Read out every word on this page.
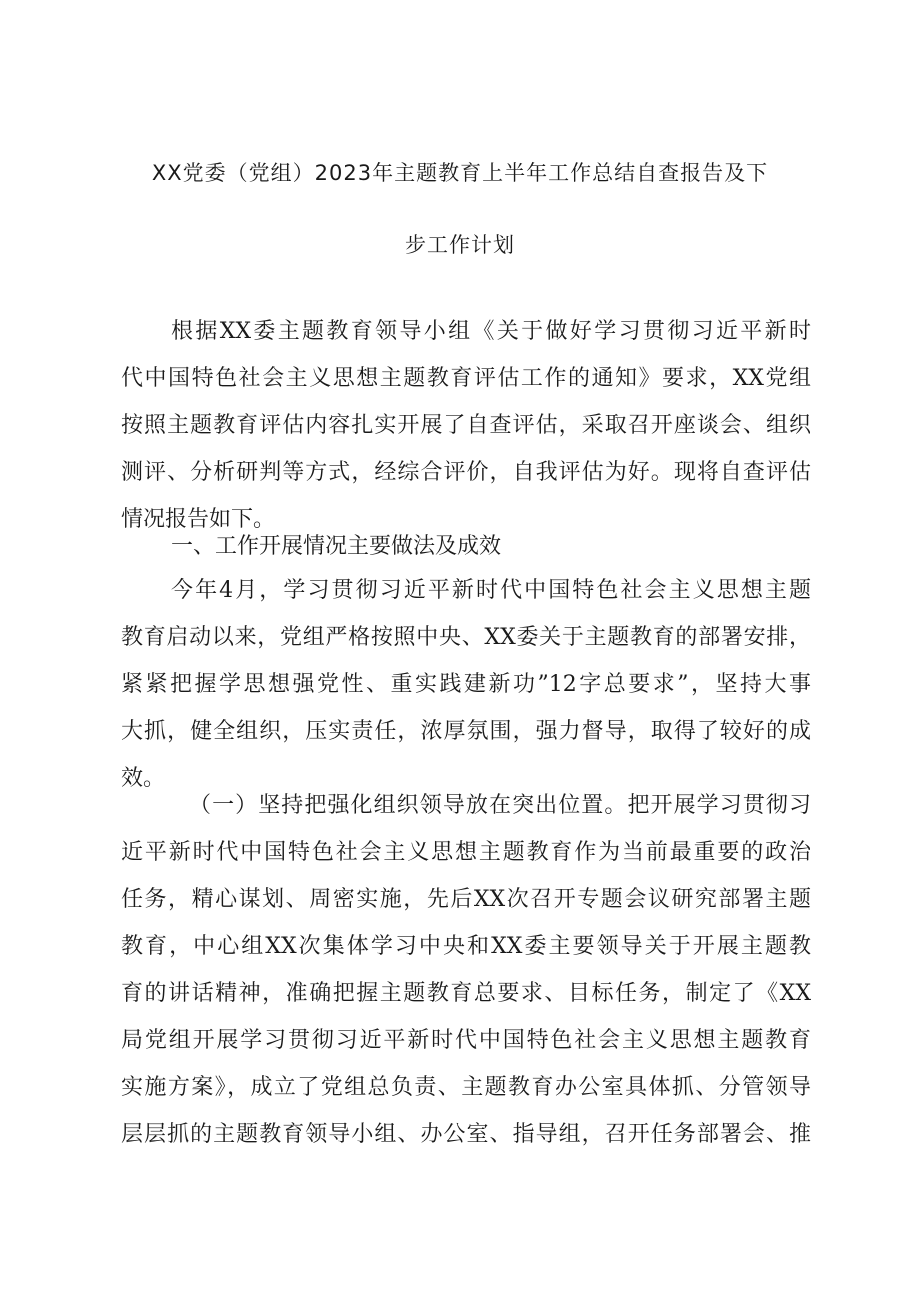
XX党委（党组）2023年主题教育上半年工作总结自查报告及下
步工作计划
根据XX委主题教育领导小组《关于做好学习贯彻习近平新时
代中国特色社会主义思想主题教育评估工作的通知》要求，XX党组
按照主题教育评估内容扎实开展了自查评估，采取召开座谈会、组织
测评、分析研判等方式，经综合评价，自我评估为好。现将自查评估
情况报告如下。
一、工作开展情况主要做法及成效
今年4月，学习贯彻习近平新时代中国特色社会主义思想主题
教育启动以来，党组严格按照中央、XX委关于主题教育的部署安排，
紧紧把握学思想强党性、重实践建新功”12字总要求”，坚持大事
大抓，健全组织，压实责任，浓厚氛围，强力督导，取得了较好的成
效。
（一）坚持把强化组织领导放在突出位置。把开展学习贯彻习
近平新时代中国特色社会主义思想主题教育作为当前最重要的政治
任务，精心谋划、周密实施，先后XX次召开专题会议研究部署主题
教育，中心组XX次集体学习中央和XX委主要领导关于开展主题教
育的讲话精神，准确把握主题教育总要求、目标任务，制定了《XX
局党组开展学习贯彻习近平新时代中国特色社会主义思想主题教育
实施方案》，成立了党组总负责、主题教育办公室具体抓、分管领导
层层抓的主题教育领导小组、办公室、指导组，召开任务部署会、推
